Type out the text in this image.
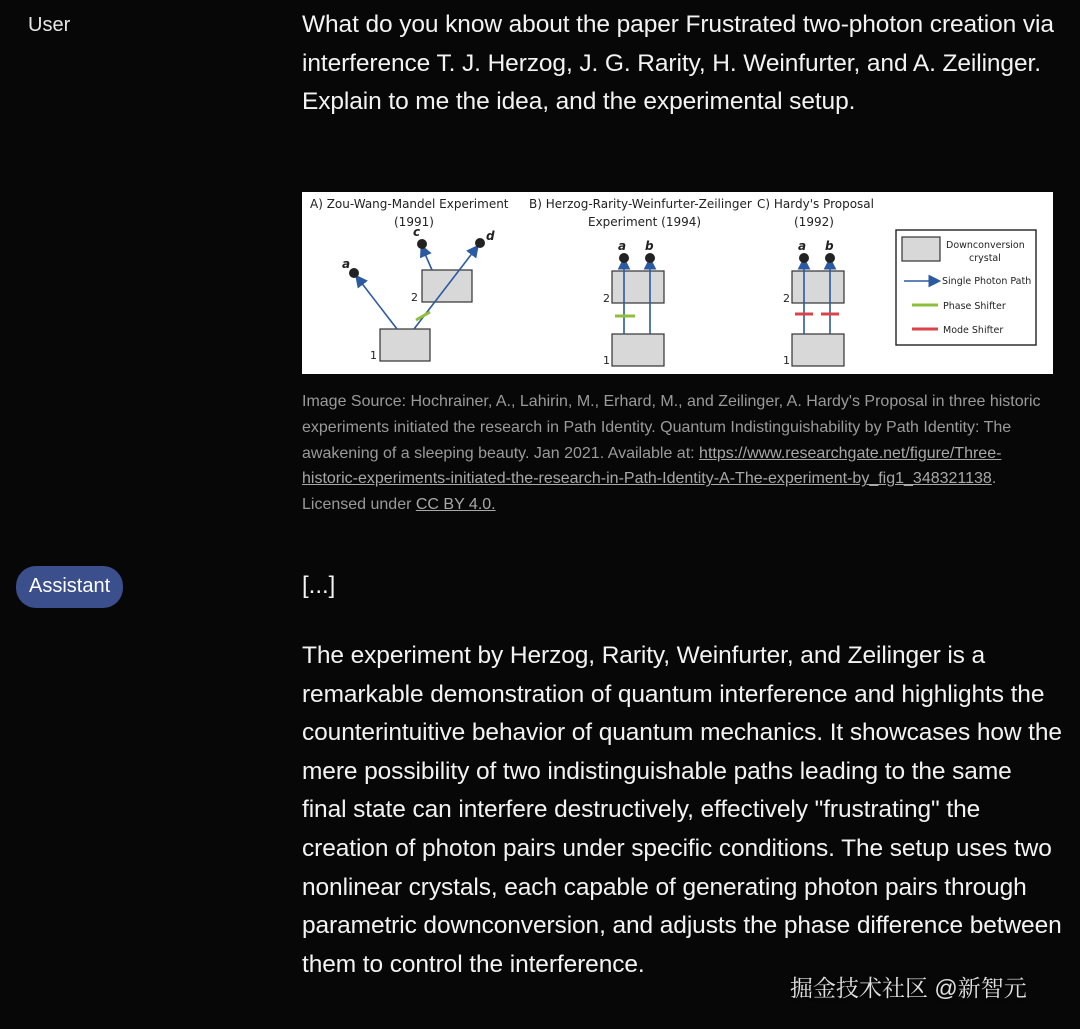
User	What do you know about the paper Frustrated two-photon creation via interference T. J. Herzog, J. G. Rarity, H. Weinfurter, and A. Zeilinger. Explain to me the idea, and the experimental setup.
A) Zou-Wang-Mandel Experiment
(1991)
B) Herzog-Rarity-Weinfurter-Zeilinger
Experiment (1994)
C) Hardy's Proposal
(1992)
1
2
a
c	d
1
2
a b
1
2
a b	Downconversion
crystal
Single Photon Path
Phase Shifter
Mode Shifter
Image Source: Hochrainer, A., Lahirin, M., Erhard, M., and Zeilinger, A. Hardy's Proposal in three historic experiments initiated the research in Path Identity. Quantum Indistinguishability by Path Identity: The awakening of a sleeping beauty. Jan 2021. Available at: https://www.researchgate.net/figure/Three-historic-experiments-initiated-the-research-in-Path-Identity-A-The-experiment-by_fig1_348321138. Licensed under CC BY 4.0.
Assistant	[...]
The experiment by Herzog, Rarity, Weinfurter, and Zeilinger is a remarkable demonstration of quantum interference and highlights the counterintuitive behavior of quantum mechanics. It showcases how the mere possibility of two indistinguishable paths leading to the same final state can interfere destructively, effectively "frustrating" the creation of photon pairs under specific conditions. The setup uses two nonlinear crystals, each capable of generating photon pairs through parametric downconversion, and adjusts the phase difference between them to control the interference.
掘金技术社区 @新智元
